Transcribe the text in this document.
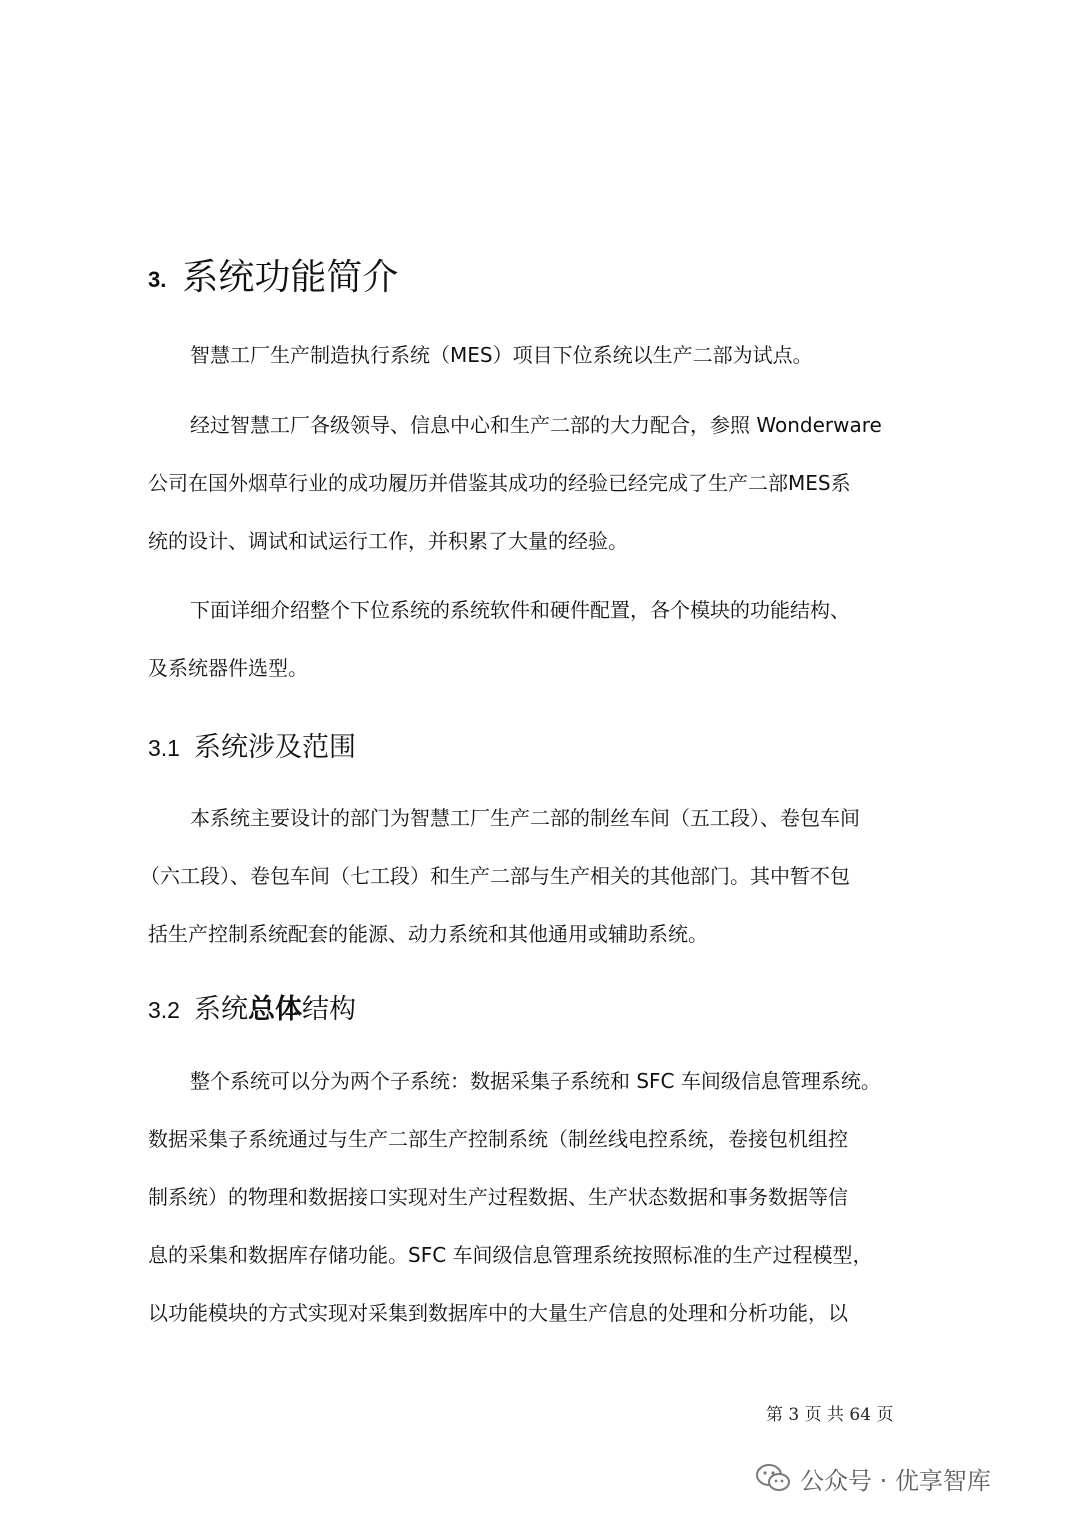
3. 系统功能简介
智慧工厂生产制造执行系统（MES）项目下位系统以生产二部为试点。
经过智慧工厂各级领导、信息中心和生产二部的大力配合，参照 Wonderware
公司在国外烟草行业的成功履历并借鉴其成功的经验已经完成了生产二部MES系
统的设计、调试和试运行工作，并积累了大量的经验。
下面详细介绍整个下位系统的系统软件和硬件配置，各个模块的功能结构、
及系统器件选型。
3.1 系统涉及范围
本系统主要设计的部门为智慧工厂生产二部的制丝车间（五工段）、卷包车间
（六工段）、卷包车间（七工段）和生产二部与生产相关的其他部门。其中暂不包
括生产控制系统配套的能源、动力系统和其他通用或辅助系统。
3.2 系统总体结构
整个系统可以分为两个子系统：数据采集子系统和 SFC 车间级信息管理系统。
数据采集子系统通过与生产二部生产控制系统（制丝线电控系统，卷接包机组控
制系统）的物理和数据接口实现对生产过程数据、生产状态数据和事务数据等信
息的采集和数据库存储功能。SFC 车间级信息管理系统按照标准的生产过程模型，
以功能模块的方式实现对采集到数据库中的大量生产信息的处理和分析功能，以
第 3 页 共 64 页
公众号 · 优享智库
